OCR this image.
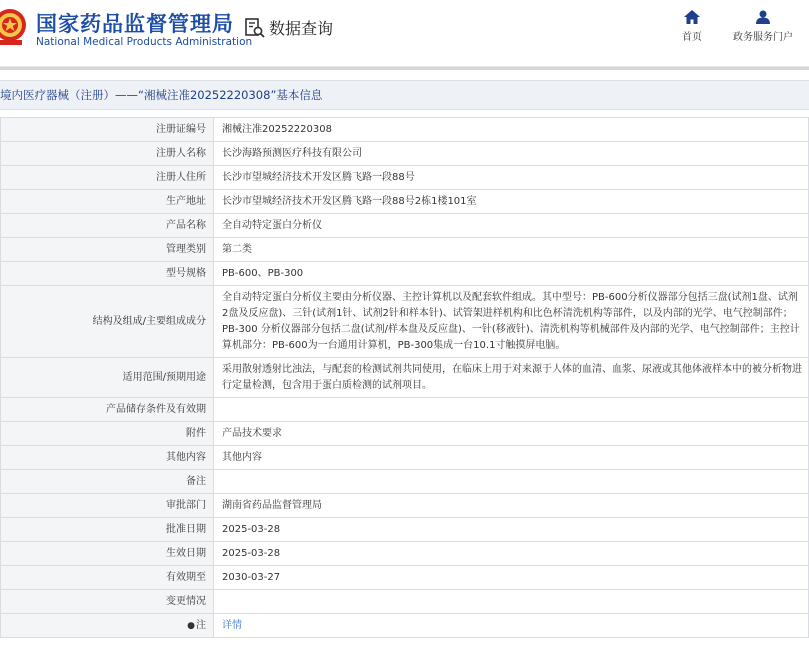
国家药品监督管理局
National Medical Products Administration
数据查询	首页	政务服务门户
境内医疗器械（注册）——“湘械注准20252220308”基本信息
注册证编号	湘械注准20252220308
注册人名称	长沙海路预测医疗科技有限公司
注册人住所	长沙市望城经济技术开发区腾飞路一段88号
生产地址	长沙市望城经济技术开发区腾飞路一段88号2栋1楼101室
产品名称	全自动特定蛋白分析仪
管理类别	第二类
型号规格	PB-600、PB-300
结构及组成/主要组成成分	全自动特定蛋白分析仪主要由分析仪器、主控计算机以及配套软件组成。其中型号：PB-600分析仪器部分包括三盘(试剂1盘、试剂2盘及反应盘)、三针(试剂1针、试剂2针和样本针)、试管架进样机构和比色杯清洗机构等部件，以及内部的光学、电气控制部件；PB-300 分析仪器部分包括二盘(试剂/样本盘及反应盘)、一针(移液针)、清洗机构等机械部件及内部的光学、电气控制部件；主控计算机部分：PB-600为一台通用计算机，PB-300集成一台10.1寸触摸屏电脑。
适用范围/预期用途	采用散射透射比浊法，与配套的检测试剂共同使用，在临床上用于对来源于人体的血清、血浆、尿液或其他体液样本中的被分析物进行定量检测，包含用于蛋白质检测的试剂项目。
产品储存条件及有效期	
附件	产品技术要求
其他内容	其他内容
备注	
审批部门	湖南省药品监督管理局
批准日期	2025-03-28
生效日期	2025-03-28
有效期至	2030-03-27
变更情况	
●注	详情
